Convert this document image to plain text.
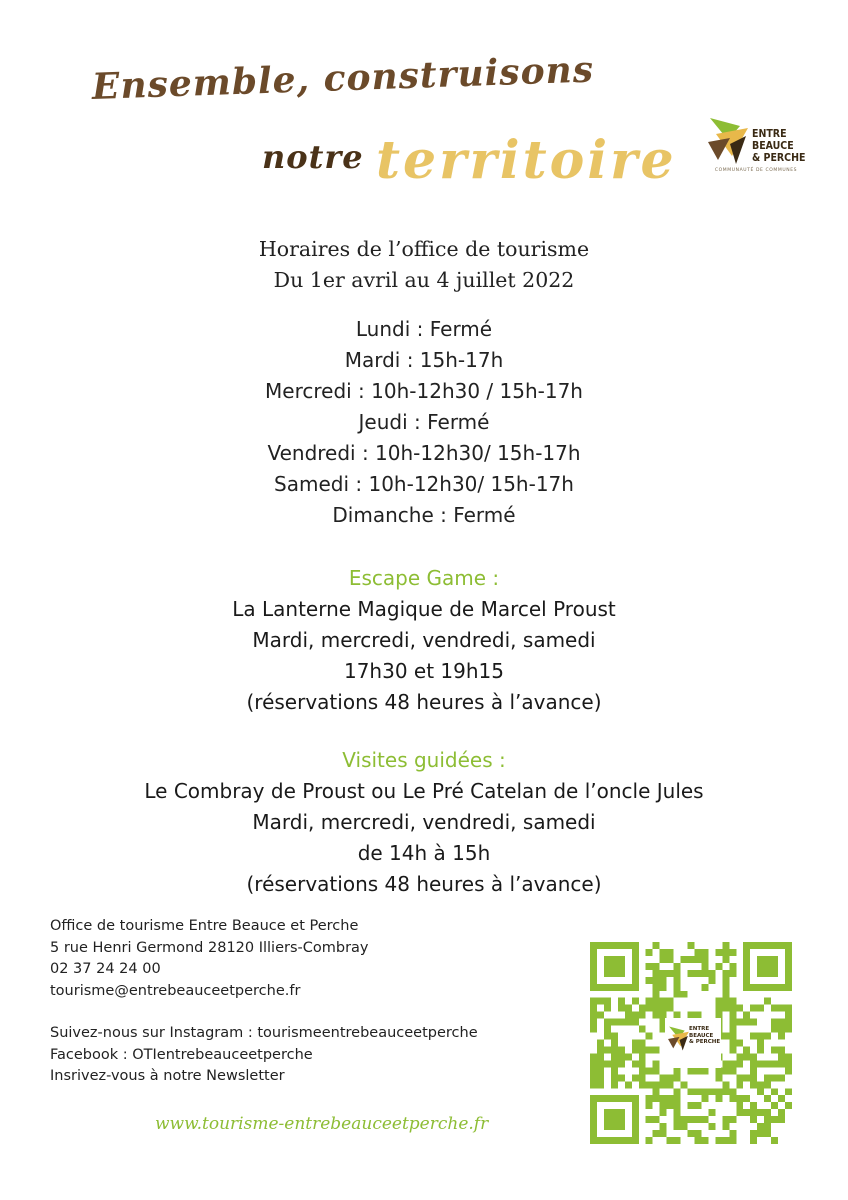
Ensemble, construisons
notre territoire	ENTRE
BEAUCE
& PERCHE
COMMUNAUTÉ DE COMMUNES
Horaires de l’office de tourisme
Du 1er avril au 4 juillet 2022
Lundi : Fermé
Mardi : 15h-17h
Mercredi : 10h-12h30 / 15h-17h
Jeudi : Fermé
Vendredi : 10h-12h30/ 15h-17h
Samedi : 10h-12h30/ 15h-17h
Dimanche : Fermé
Escape Game :
La Lanterne Magique de Marcel Proust
Mardi, mercredi, vendredi, samedi
17h30 et 19h15
(réservations 48 heures à l’avance)
Visites guidées :
Le Combray de Proust ou Le Pré Catelan de l’oncle Jules
Mardi, mercredi, vendredi, samedi
de 14h à 15h
(réservations 48 heures à l’avance)
Office de tourisme Entre Beauce et Perche
5 rue Henri Germond 28120 Illiers-Combray
02 37 24 24 00
tourisme@entrebeauceetperche.fr
Suivez-nous sur Instagram : tourismeentrebeauceetperche
Facebook : OTIentrebeauceetperche
Insrivez-vous à notre Newsletter
www.tourisme-entrebeauceetperche.fr
ENTRE
BEAUCE
& PERCHE
